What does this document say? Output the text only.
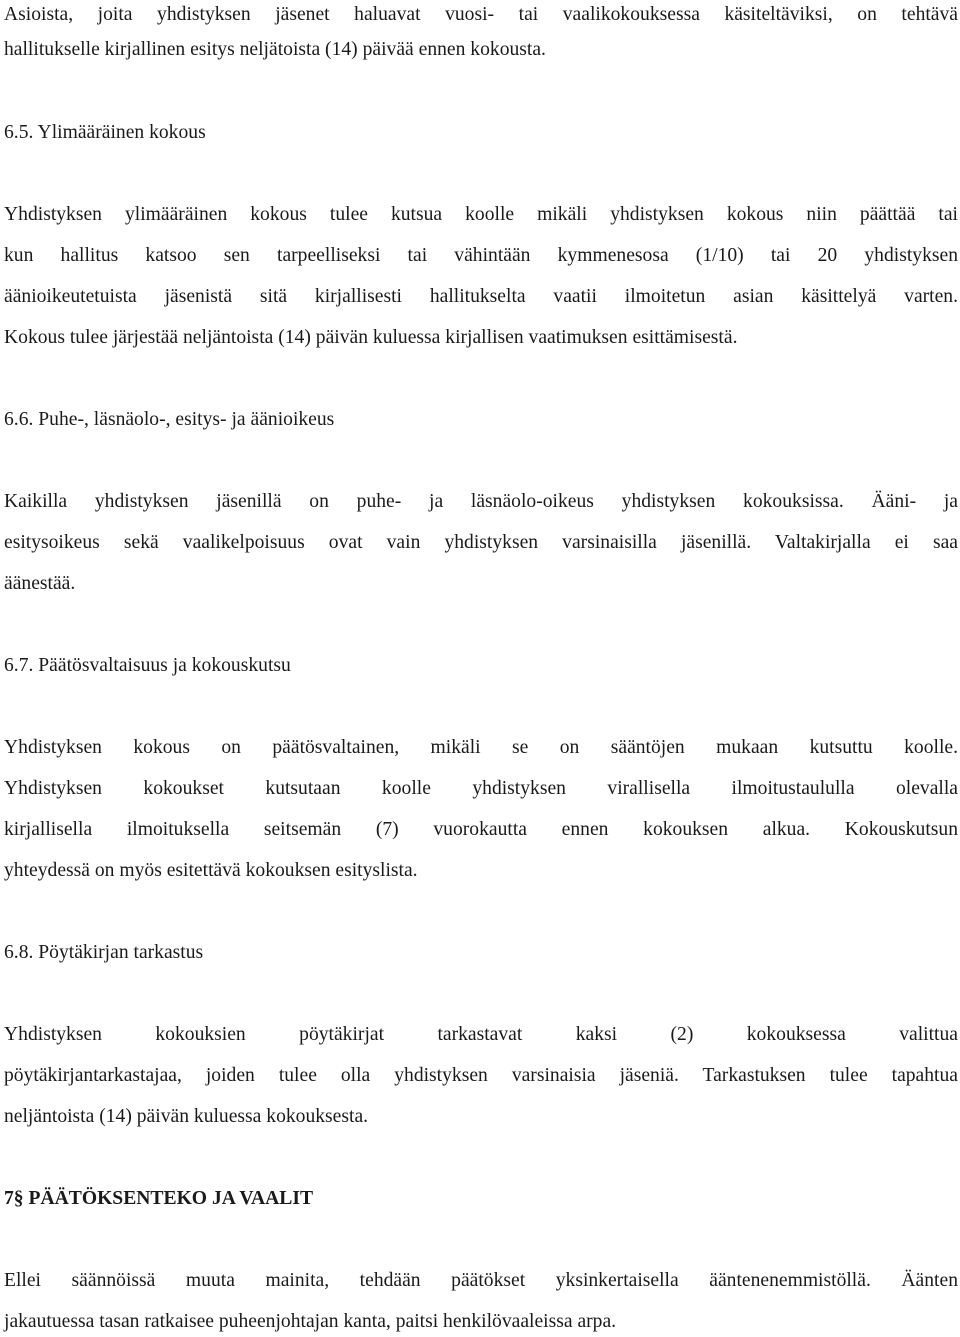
Asioista, joita yhdistyksen jäsenet haluavat vuosi- tai vaalikokouksessa käsiteltäviksi, on tehtävä
hallitukselle kirjallinen esitys neljätoista (14) päivää ennen kokousta.
6.5. Ylimääräinen kokous
Yhdistyksen ylimääräinen kokous tulee kutsua koolle mikäli yhdistyksen kokous niin päättää tai
kun hallitus katsoo sen tarpeelliseksi tai vähintään kymmenesosa (1/10) tai 20 yhdistyksen
äänioikeutetuista jäsenistä sitä kirjallisesti hallitukselta vaatii ilmoitetun asian käsittelyä varten.
Kokous tulee järjestää neljäntoista (14) päivän kuluessa kirjallisen vaatimuksen esittämisestä.
6.6. Puhe-, läsnäolo-, esitys- ja äänioikeus
Kaikilla yhdistyksen jäsenillä on puhe- ja läsnäolo-oikeus yhdistyksen kokouksissa. Ääni- ja
esitysoikeus sekä vaalikelpoisuus ovat vain yhdistyksen varsinaisilla jäsenillä. Valtakirjalla ei saa
äänestää.
6.7. Päätösvaltaisuus ja kokouskutsu
Yhdistyksen kokous on päätösvaltainen, mikäli se on sääntöjen mukaan kutsuttu koolle.
Yhdistyksen kokoukset kutsutaan koolle yhdistyksen virallisella ilmoitustaululla olevalla
kirjallisella ilmoituksella seitsemän (7) vuorokautta ennen kokouksen alkua. Kokouskutsun
yhteydessä on myös esitettävä kokouksen esityslista.
6.8. Pöytäkirjan tarkastus
Yhdistyksen kokouksien pöytäkirjat tarkastavat kaksi (2) kokouksessa valittua
pöytäkirjantarkastajaa, joiden tulee olla yhdistyksen varsinaisia jäseniä. Tarkastuksen tulee tapahtua
neljäntoista (14) päivän kuluessa kokouksesta.
7§ PÄÄTÖKSENTEKO JA VAALIT
Ellei säännöissä muuta mainita, tehdään päätökset yksinkertaisella ääntenenemmistöllä. Äänten
jakautuessa tasan ratkaisee puheenjohtajan kanta, paitsi henkilövaaleissa arpa.
